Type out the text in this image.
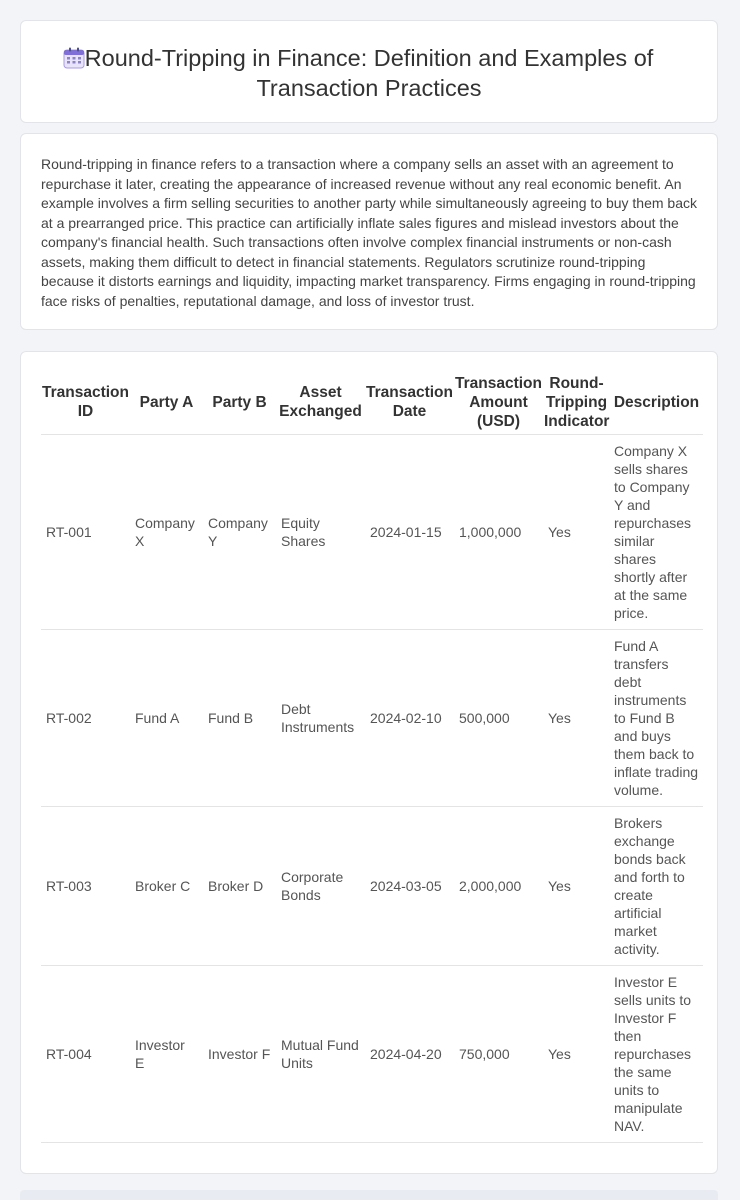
Round-Tripping in Finance: Definition and Examples of Transaction Practices

Round-tripping in finance refers to a transaction where a company sells an asset with an agreement to repurchase it later, creating the appearance of increased revenue without any real economic benefit. An example involves a firm selling securities to another party while simultaneously agreeing to buy them back at a prearranged price. This practice can artificially inflate sales figures and mislead investors about the company's financial health. Such transactions often involve complex financial instruments or non-cash assets, making them difficult to detect in financial statements. Regulators scrutinize round-tripping because it distorts earnings and liquidity, impacting market transparency. Firms engaging in round-tripping face risks of penalties, reputational damage, and loss of investor trust.

Transaction ID	Party A	Party B	Asset Exchanged	Transaction Date	Transaction Amount (USD)	Round-Tripping Indicator	Description
RT-001	Company X	Company Y	Equity Shares	2024-01-15	1,000,000	Yes	Company X sells shares to Company Y and repurchases similar shares shortly after at the same price.
RT-002	Fund A	Fund B	Debt Instruments	2024-02-10	500,000	Yes	Fund A transfers debt instruments to Fund B and buys them back to inflate trading volume.
RT-003	Broker C	Broker D	Corporate Bonds	2024-03-05	2,000,000	Yes	Brokers exchange bonds back and forth to create artificial market activity.
RT-004	Investor E	Investor F	Mutual Fund Units	2024-04-20	750,000	Yes	Investor E sells units to Investor F then repurchases the same units to manipulate NAV.
